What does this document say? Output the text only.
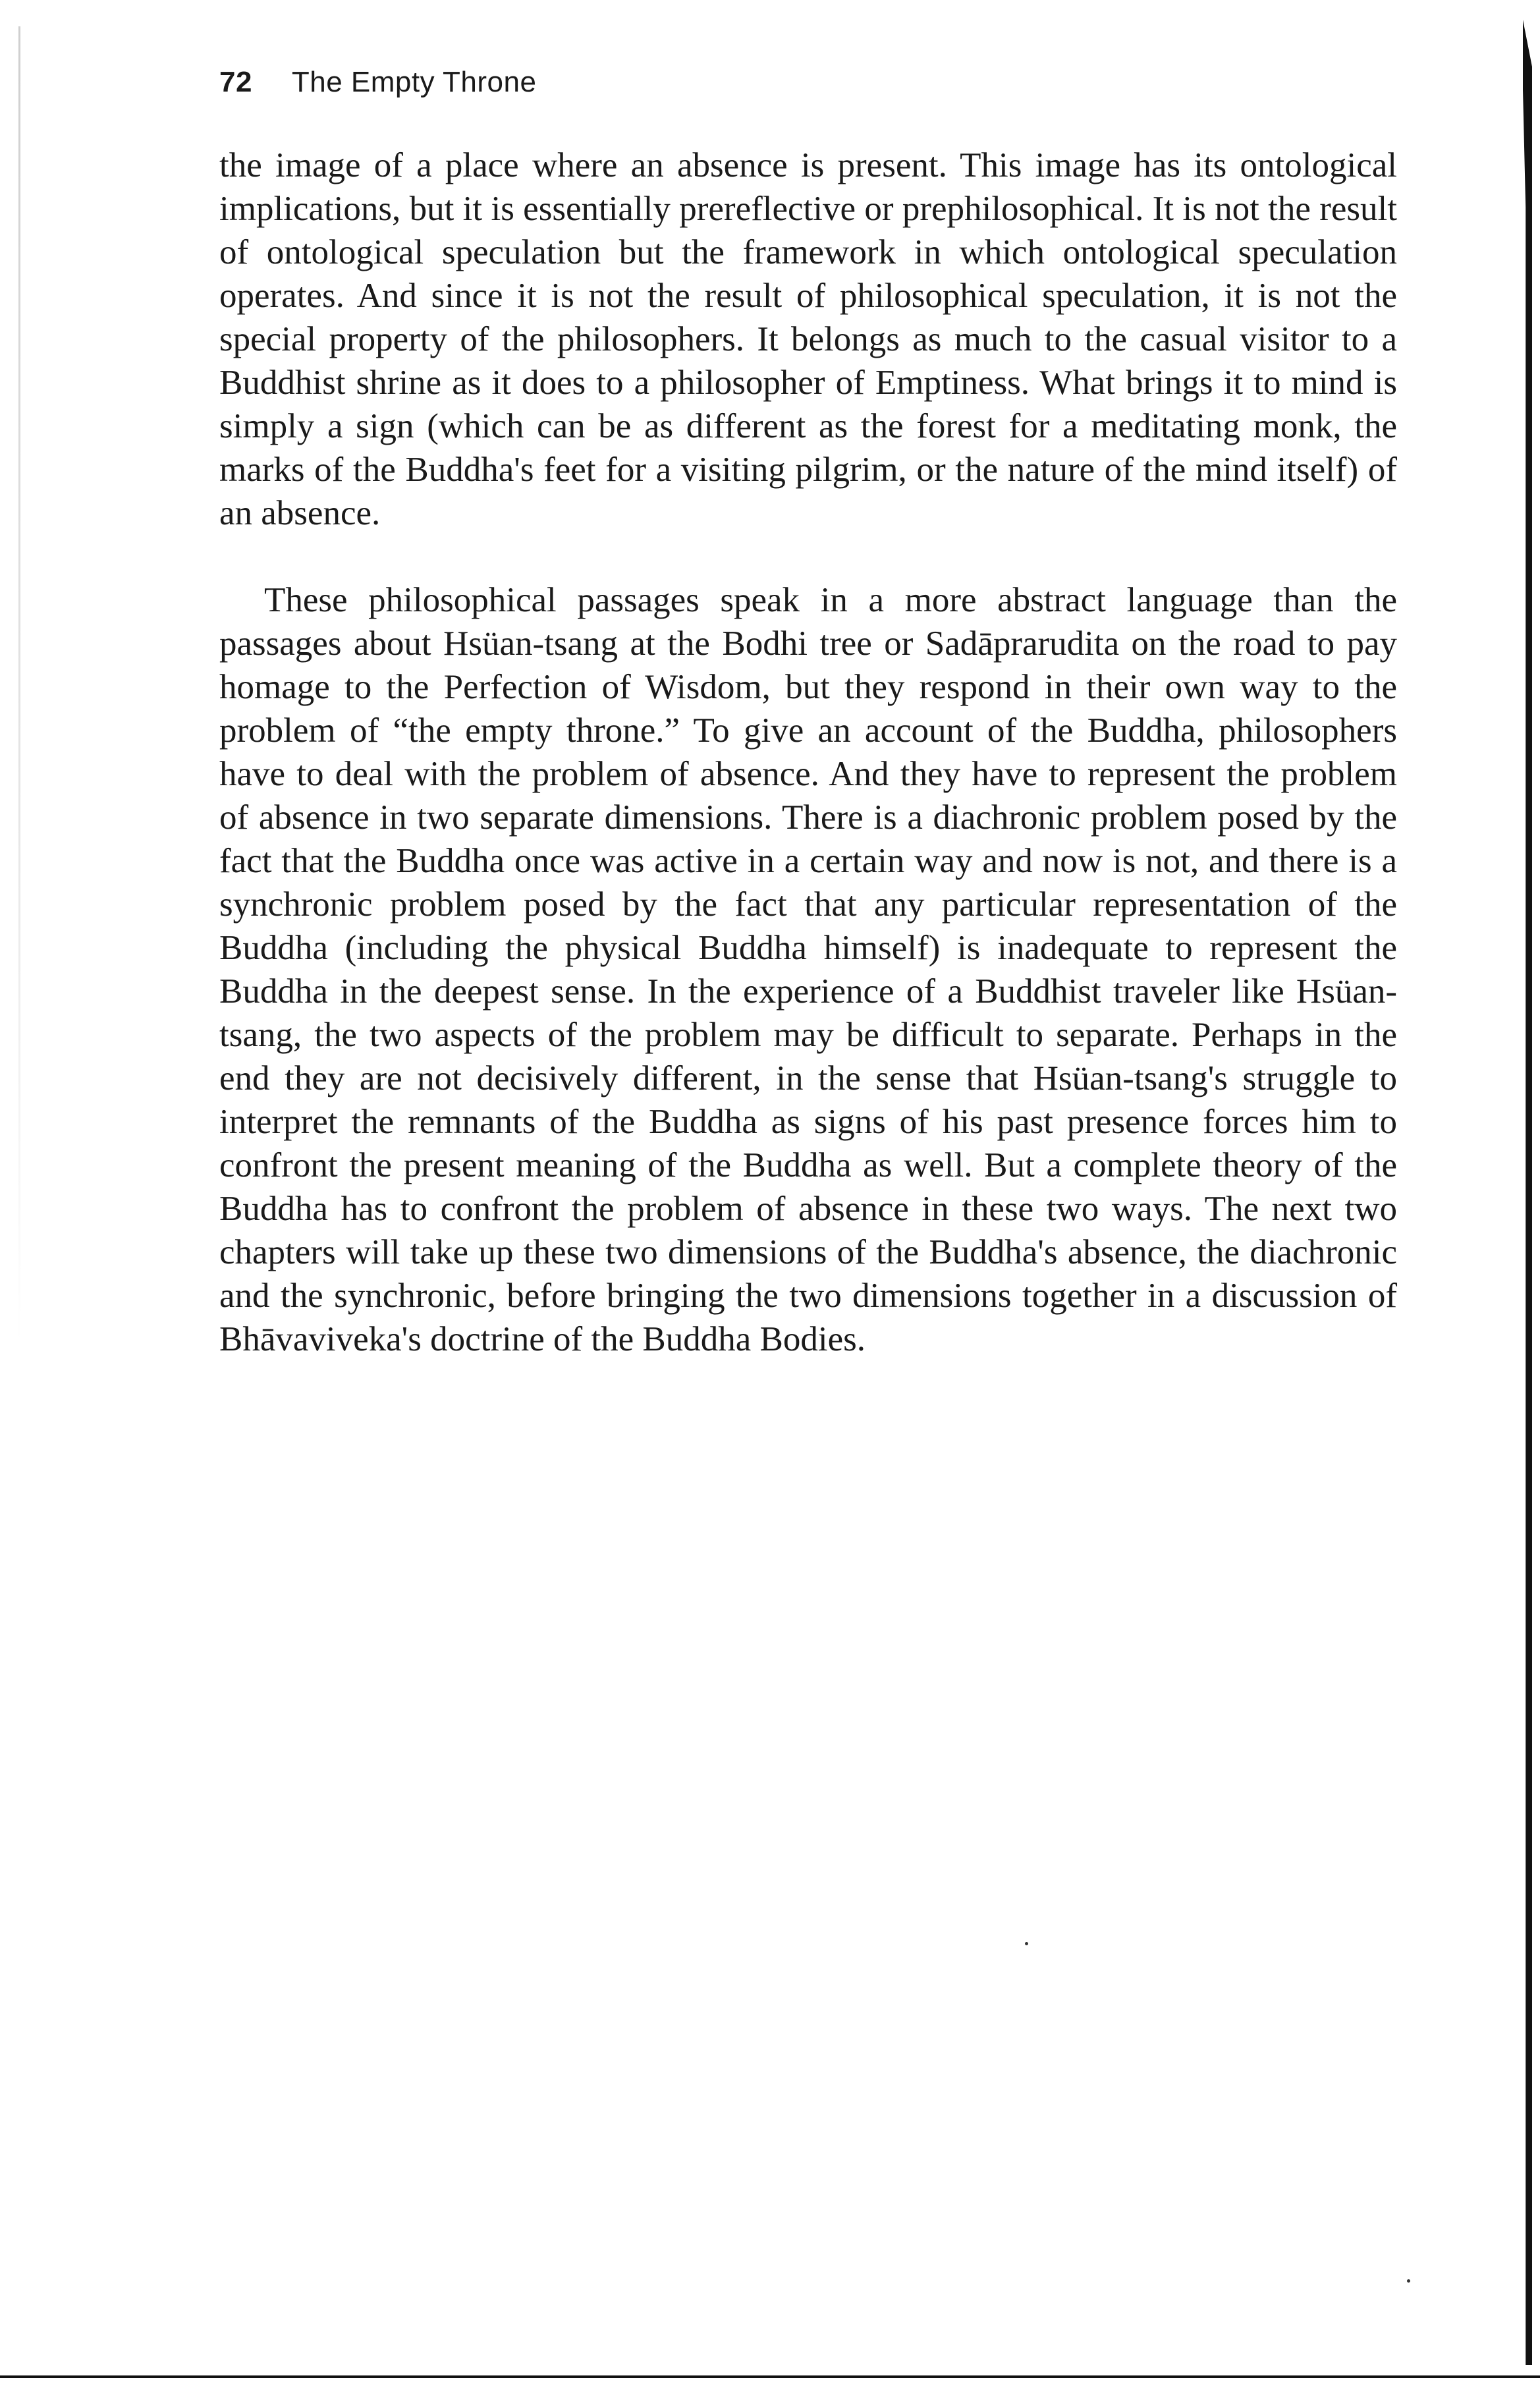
72 The Empty Throne

the image of a place where an absence is present. This image has its ontological implications, but it is essentially prereflective or prephilosophical. It is not the result of ontological speculation but the framework in which ontological speculation operates. And since it is not the result of philosophical speculation, it is not the special property of the philosophers. It belongs as much to the casual visitor to a Buddhist shrine as it does to a philosopher of Emptiness. What brings it to mind is simply a sign (which can be as different as the forest for a meditating monk, the marks of the Buddha's feet for a visiting pilgrim, or the nature of the mind itself) of an absence.

These philosophical passages speak in a more abstract language than the passages about Hsüan-tsang at the Bodhi tree or Sadāprarudita on the road to pay homage to the Perfection of Wisdom, but they respond in their own way to the problem of “the empty throne.” To give an account of the Buddha, philosophers have to deal with the problem of absence. And they have to represent the problem of absence in two separate dimensions. There is a diachronic problem posed by the fact that the Buddha once was active in a certain way and now is not, and there is a synchronic problem posed by the fact that any particular representation of the Buddha (including the physical Buddha himself) is inadequate to represent the Buddha in the deepest sense. In the experience of a Buddhist traveler like Hsüan-tsang, the two aspects of the problem may be difficult to separate. Perhaps in the end they are not decisively different, in the sense that Hsüan-tsang's struggle to interpret the remnants of the Buddha as signs of his past presence forces him to confront the present meaning of the Buddha as well. But a complete theory of the Buddha has to confront the problem of absence in these two ways. The next two chapters will take up these two dimensions of the Buddha's absence, the diachronic and the synchronic, before bringing the two dimensions together in a discussion of Bhāvaviveka's doctrine of the Buddha Bodies.
